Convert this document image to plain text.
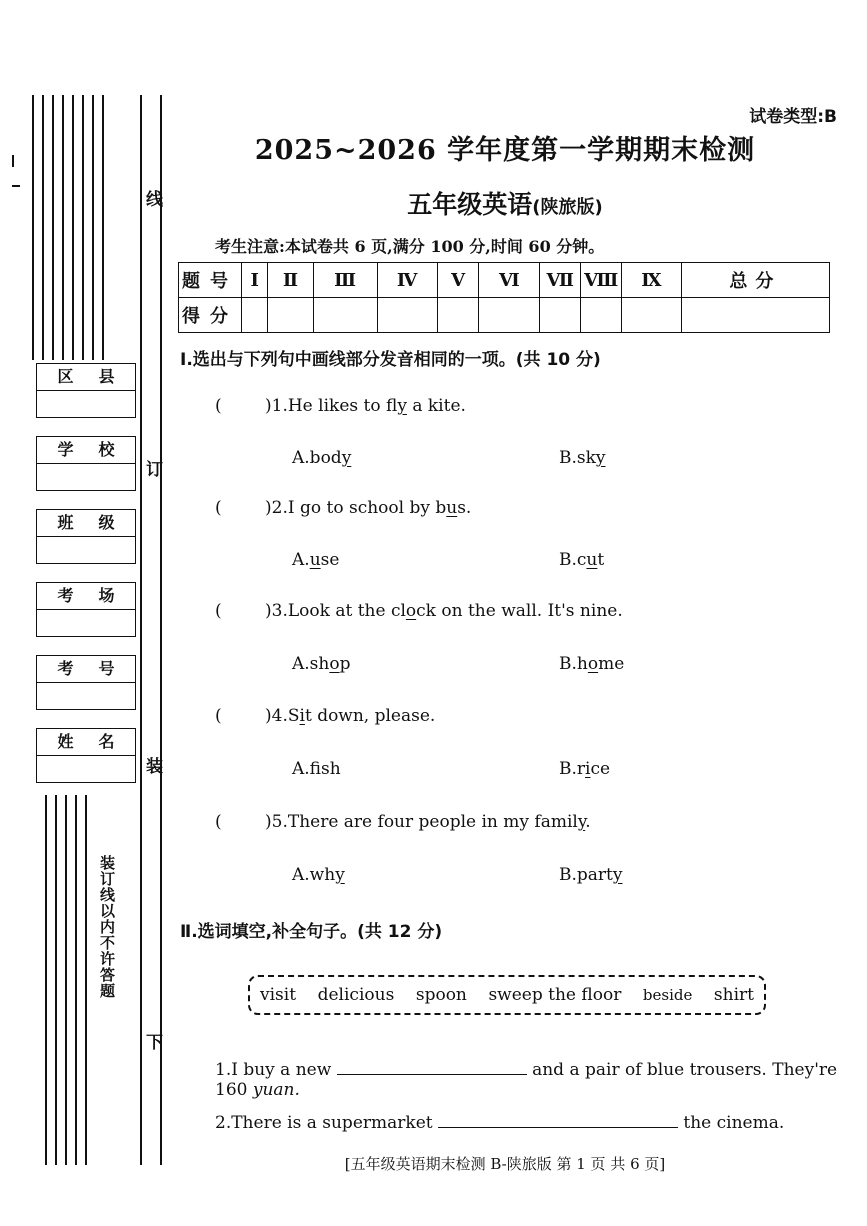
线
订
装
下
区 县
学 校
班 级
考 场
考 号
姓 名
装订线以内不许答题
试卷类型:B
2025~2026 学年度第一学期期末检测
五年级英语(陕旅版)
考生注意:本试卷共 6 页,满分 100 分,时间 60 分钟。
题号	Ⅰ	Ⅱ	Ⅲ	Ⅳ	Ⅴ	Ⅵ	Ⅶ	Ⅷ	Ⅸ	总分
得分										
Ⅰ.选出与下列句中画线部分发音相同的一项。(共 10 分)
(	)1.He likes to fly a kite.
A.body	B.sky
(	)2.I go to school by bus.
A.use	B.cut
(	)3.Look at the clock on the wall. It's nine.
A.shop	B.home
(	)4.Sit down, please.
A.fsh	B.rice
(	)5.There are four people in my family.
A.why	B.party
Ⅱ.选词填空,补全句子。(共 12 分)
visit delicious spoon sweep the floor beside shirt
1.I buy a new	and a pair of blue trousers. They're 160 yuan.
2.There is a supermarket	the cinema.
[五年级英语期末检测 B-陕旅版 第 1 页 共 6 页]
